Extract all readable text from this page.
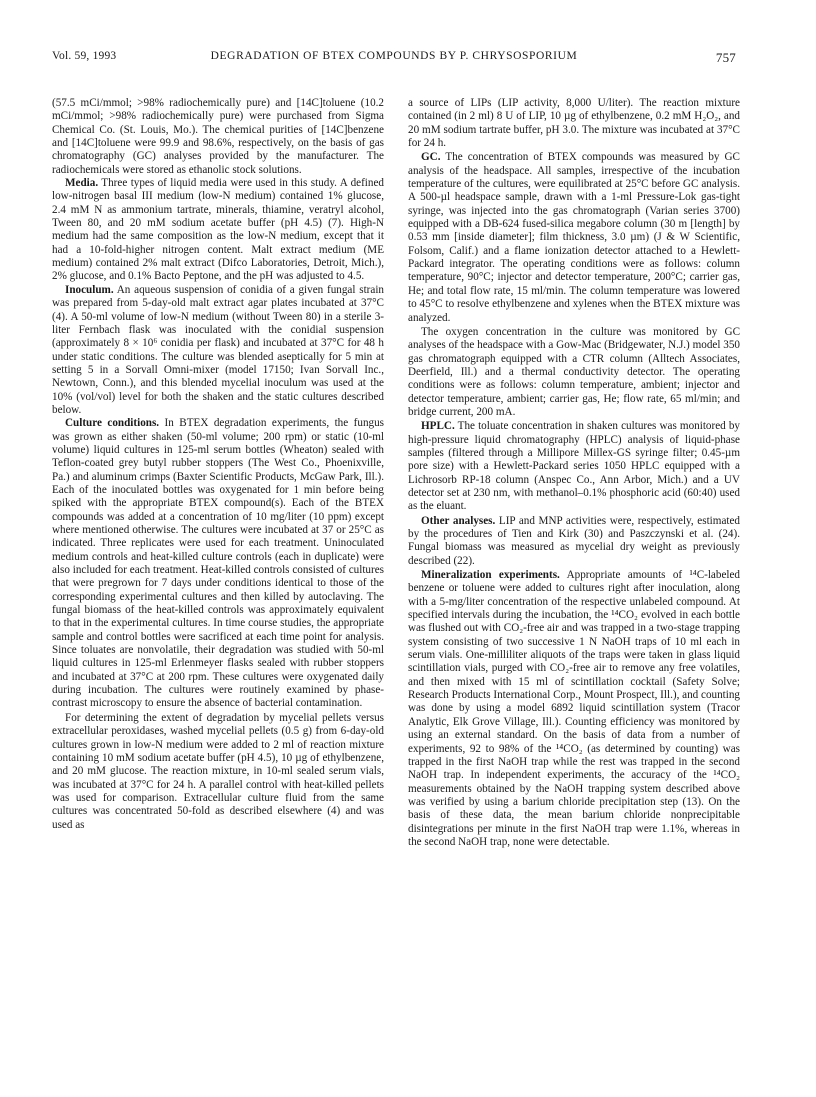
Vol. 59, 1993	DEGRADATION OF BTEX COMPOUNDS BY P. CHRYSOSPORIUM	757

(57.5 mCi/mmol; >98% radiochemically pure) and [14C]toluene (10.2 mCi/mmol; >98% radiochemically pure) were purchased from Sigma Chemical Co. (St. Louis, Mo.). The chemical purities of [14C]benzene and [14C]toluene were 99.9 and 98.6%, respectively, on the basis of gas chromatography (GC) analyses provided by the manufacturer. The radiochemicals were stored as ethanolic stock solutions.

Media. Three types of liquid media were used in this study. A defined low-nitrogen basal III medium (low-N medium) contained 1% glucose, 2.4 mM N as ammonium tartrate, minerals, thiamine, veratryl alcohol, Tween 80, and 20 mM sodium acetate buffer (pH 4.5) (7). High-N medium had the same composition as the low-N medium, except that it had a 10-fold-higher nitrogen content. Malt extract medium (ME medium) contained 2% malt extract (Difco Laboratories, Detroit, Mich.), 2% glucose, and 0.1% Bacto Peptone, and the pH was adjusted to 4.5.

Inoculum. An aqueous suspension of conidia of a given fungal strain was prepared from 5-day-old malt extract agar plates incubated at 37°C (4). A 50-ml volume of low-N medium (without Tween 80) in a sterile 3-liter Fernbach flask was inoculated with the conidial suspension (approximately 8 × 10⁶ conidia per flask) and incubated at 37°C for 48 h under static conditions. The culture was blended aseptically for 5 min at setting 5 in a Sorvall Omni-mixer (model 17150; Ivan Sorvall Inc., Newtown, Conn.), and this blended mycelial inoculum was used at the 10% (vol/vol) level for both the shaken and the static cultures described below.

Culture conditions. In BTEX degradation experiments, the fungus was grown as either shaken (50-ml volume; 200 rpm) or static (10-ml volume) liquid cultures in 125-ml serum bottles (Wheaton) sealed with Teflon-coated grey butyl rubber stoppers (The West Co., Phoenixville, Pa.) and aluminum crimps (Baxter Scientific Products, McGaw Park, Ill.). Each of the inoculated bottles was oxygenated for 1 min before being spiked with the appropriate BTEX compound(s). Each of the BTEX compounds was added at a concentration of 10 mg/liter (10 ppm) except where mentioned otherwise. The cultures were incubated at 37 or 25°C as indicated. Three replicates were used for each treatment. Uninoculated medium controls and heat-killed culture controls (each in duplicate) were also included for each treatment. Heat-killed controls consisted of cultures that were pregrown for 7 days under conditions identical to those of the corresponding experimental cultures and then killed by autoclaving. The fungal biomass of the heat-killed controls was approximately equivalent to that in the experimental cultures. In time course studies, the appropriate sample and control bottles were sacrificed at each time point for analysis. Since toluates are nonvolatile, their degradation was studied with 50-ml liquid cultures in 125-ml Erlenmeyer flasks sealed with rubber stoppers and incubated at 37°C at 200 rpm. These cultures were oxygenated daily during incubation. The cultures were routinely examined by phase-contrast microscopy to ensure the absence of bacterial contamination.

For determining the extent of degradation by mycelial pellets versus extracellular peroxidases, washed mycelial pellets (0.5 g) from 6-day-old cultures grown in low-N medium were added to 2 ml of reaction mixture containing 10 mM sodium acetate buffer (pH 4.5), 10 µg of ethylbenzene, and 20 mM glucose. The reaction mixture, in 10-ml sealed serum vials, was incubated at 37°C for 24 h. A parallel control with heat-killed pellets was used for comparison. Extracellular culture fluid from the same cultures was concentrated 50-fold as described elsewhere (4) and was used as

a source of LIPs (LIP activity, 8,000 U/liter). The reaction mixture contained (in 2 ml) 8 U of LIP, 10 µg of ethylbenzene, 0.2 mM H₂O₂, and 20 mM sodium tartrate buffer, pH 3.0. The mixture was incubated at 37°C for 24 h.

GC. The concentration of BTEX compounds was measured by GC analysis of the headspace. All samples, irrespective of the incubation temperature of the cultures, were equilibrated at 25°C before GC analysis. A 500-µl headspace sample, drawn with a 1-ml Pressure-Lok gas-tight syringe, was injected into the gas chromatograph (Varian series 3700) equipped with a DB-624 fused-silica megabore column (30 m [length] by 0.53 mm [inside diameter]; film thickness, 3.0 µm) (J & W Scientific, Folsom, Calif.) and a flame ionization detector attached to a Hewlett-Packard integrator. The operating conditions were as follows: column temperature, 90°C; injector and detector temperature, 200°C; carrier gas, He; and total flow rate, 15 ml/min. The column temperature was lowered to 45°C to resolve ethylbenzene and xylenes when the BTEX mixture was analyzed.

The oxygen concentration in the culture was monitored by GC analyses of the headspace with a Gow-Mac (Bridgewater, N.J.) model 350 gas chromatograph equipped with a CTR column (Alltech Associates, Deerfield, Ill.) and a thermal conductivity detector. The operating conditions were as follows: column temperature, ambient; injector and detector temperature, ambient; carrier gas, He; flow rate, 65 ml/min; and bridge current, 200 mA.

HPLC. The toluate concentration in shaken cultures was monitored by high-pressure liquid chromatography (HPLC) analysis of liquid-phase samples (filtered through a Millipore Millex-GS syringe filter; 0.45-µm pore size) with a Hewlett-Packard series 1050 HPLC equipped with a Lichrosorb RP-18 column (Anspec Co., Ann Arbor, Mich.) and a UV detector set at 230 nm, with methanol–0.1% phosphoric acid (60:40) used as the eluant.

Other analyses. LIP and MNP activities were, respectively, estimated by the procedures of Tien and Kirk (30) and Paszczynski et al. (24). Fungal biomass was measured as mycelial dry weight as previously described (22).

Mineralization experiments. Appropriate amounts of ¹⁴C-labeled benzene or toluene were added to cultures right after inoculation, along with a 5-mg/liter concentration of the respective unlabeled compound. At specified intervals during the incubation, the ¹⁴CO₂ evolved in each bottle was flushed out with CO₂-free air and was trapped in a two-stage trapping system consisting of two successive 1 N NaOH traps of 10 ml each in serum vials. One-milliliter aliquots of the traps were taken in glass liquid scintillation vials, purged with CO₂-free air to remove any free volatiles, and then mixed with 15 ml of scintillation cocktail (Safety Solve; Research Products International Corp., Mount Prospect, Ill.), and counting was done by using a model 6892 liquid scintillation system (Tracor Analytic, Elk Grove Village, Ill.). Counting efficiency was monitored by using an external standard. On the basis of data from a number of experiments, 92 to 98% of the ¹⁴CO₂ (as determined by counting) was trapped in the first NaOH trap while the rest was trapped in the second NaOH trap. In independent experiments, the accuracy of the ¹⁴CO₂ measurements obtained by the NaOH trapping system described above was verified by using a barium chloride precipitation step (13). On the basis of these data, the mean barium chloride nonprecipitable disintegrations per minute in the first NaOH trap were 1.1%, whereas in the second NaOH trap, none were detectable.
